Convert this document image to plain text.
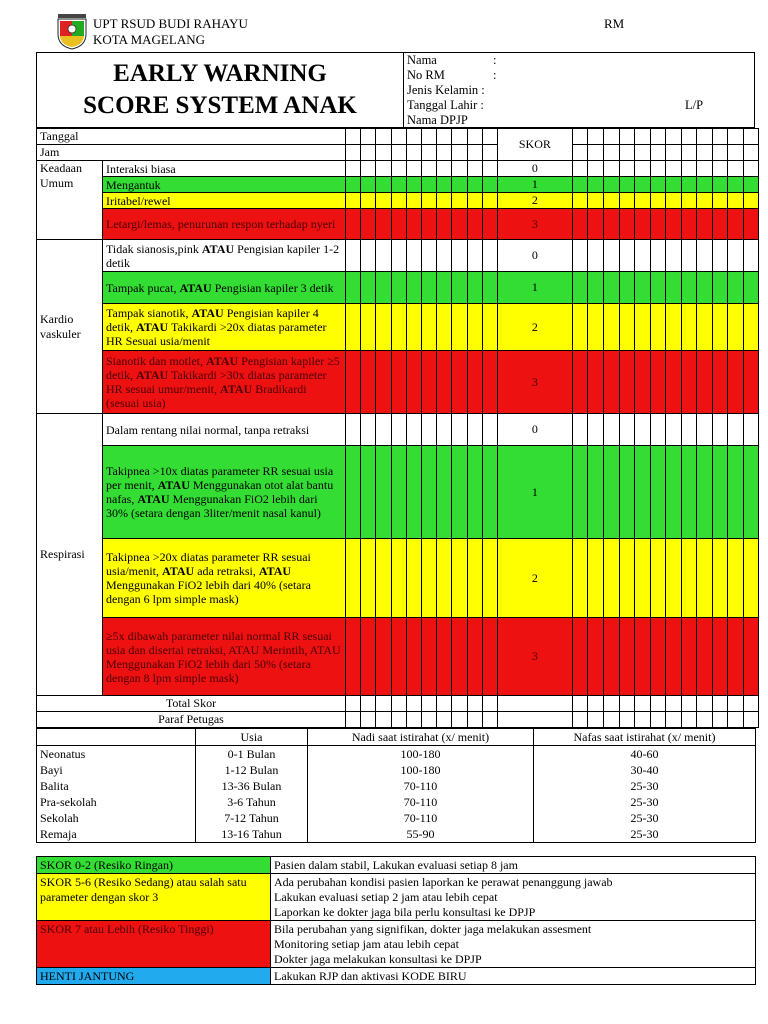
UPT RSUD BUDI RAHAYU
KOTA MAGELANG
RM
EARLY WARNING
SCORE SYSTEM ANAK

Nama	:
No RM	:
Jenis Kelamin :
Tanggal Lahir :	L/P
Nama DPJP
Tanggal												SKOR												
Jam																								
Keadaan Umum	Interaksi biasa											0												
	Mengantuk											1												
	Iritabel/rewel											2												
	Letargi/lemas, penurunan respon terhadap nyeri											3												
Kardio vaskuler	Tidak sianosis,pink ATAU Pengisian kapiler 1-2 detik											0												
	Tampak pucat, ATAU Pengisian kapiler 3 detik											1												
	Tampak sianotik, ATAU Pengisian kapiler 4 detik, ATAU Takikardi >20x diatas parameter HR Sesuai usia/menit											2												
	Sianotik dan motlet, ATAU Pengisian kapiler ≥5 detik, ATAU Takikardi >30x diatas parameter HR sesuai umur/menit, ATAU Bradikardi (sesuai usia)											3												
Respirasi	Dalam rentang nilai normal, tanpa retraksi											0												
	Takipnea >10x diatas parameter RR sesuai usia per menit, ATAU Menggunakan otot alat bantu nafas, ATAU Menggunakan FiO2 lebih dari 30% (setara dengan 3liter/menit nasal kanul)											1												
	Takipnea >20x diatas parameter RR sesuai usia/menit, ATAU ada retraksi, ATAU Menggunakan FiO2 lebih dari 40% (setara dengan 6 lpm simple mask)											2												
	≥5x dibawah parameter nilai normal RR sesuai usia dan disertai retraksi, ATAU Merintih, ATAU Menggunakan FiO2 lebih dari 50% (setara dengan 8 lpm simple mask)											3												
Total Skor																								
Paraf Petugas																								
	Usia	Nadi saat istirahat (x/ menit)	Nafas saat istirahat (x/ menit)
Neonatus	0-1 Bulan	100-180	40-60
Bayi	1-12 Bulan	100-180	30-40
Balita	13-36 Bulan	70-110	25-30
Pra-sekolah	3-6 Tahun	70-110	25-30
Sekolah	7-12 Tahun	70-110	25-30
Remaja	13-16 Tahun	55-90	25-30
SKOR 0-2 (Resiko Ringan)	Pasien dalam stabil, Lakukan evaluasi setiap 8 jam

SKOR 5-6 (Resiko Sedang) atau salah satu parameter dengan skor 3	Ada perubahan kondisi pasien laporkan ke perawat penanggung jawab
Lakukan evaluasi setiap 2 jam atau lebih cepat
Laporkan ke dokter jaga bila perlu konsultasi ke DPJP

SKOR 7 atau Lebih (Resiko Tinggi)	Bila perubahan yang signifikan, dokter jaga melakukan assesment
Monitoring setiap jam atau lebih cepat
Dokter jaga melakukan konsultasi ke DPJP

HENTI JANTUNG	Lakukan RJP dan aktivasi KODE BIRU
